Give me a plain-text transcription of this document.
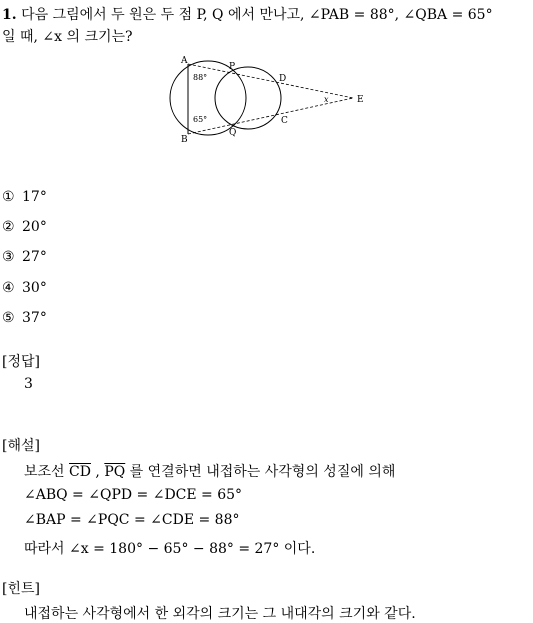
1. 다음 그림에서 두 원은 두 점 P, Q 에서 만나고, ∠PAB = 88°, ∠QBA = 65°
일 때, ∠x 의 크기는?
A
B
P
Q
D
C
E
x
88°
65°
① 17°
② 20°
③ 27°
④ 30°
⑤ 37°
[정답]
3
[해설]
보조선 $\overline{CD}$ , $\overline{PQ}$ 를 연결하면 내접하는 사각형의 성질에 의해
∠ABQ = ∠QPD = ∠DCE = 65°
∠BAP = ∠PQC = ∠CDE = 88°
따라서 ∠x = 180° − 65° − 88° = 27° 이다.
[힌트]
내접하는 사각형에서 한 외각의 크기는 그 내대각의 크기와 같다.
